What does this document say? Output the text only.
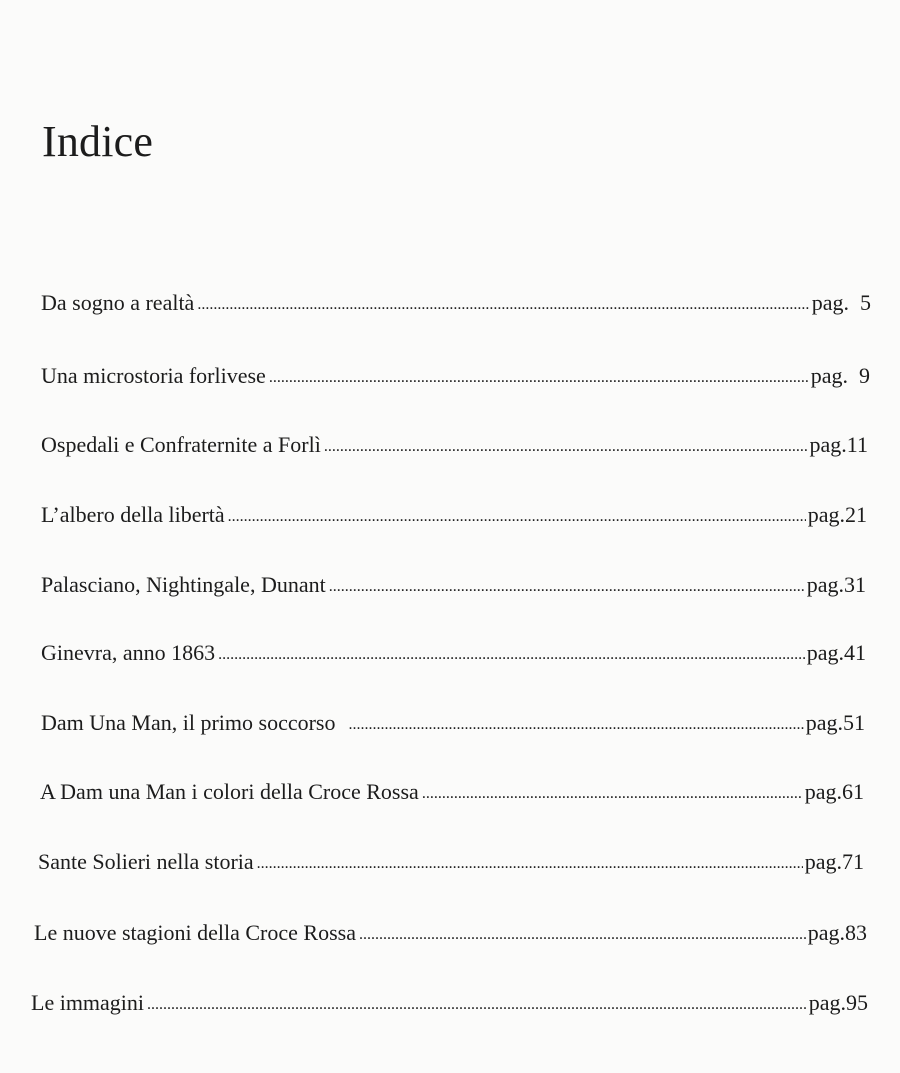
Indice
Da sogno a realtà .....	pag.  5
Una microstoria forlivese .....	pag.  9
Ospedali e Confraternite a Forlì .....	pag.11
L’albero della libertà .....	pag.21
Palasciano, Nightingale, Dunant .....	pag.31
Ginevra, anno 1863 .....	pag.41
Dam Una Man, il primo soccorso .....	pag.51
A Dam una Man i colori della Croce Rossa .....	pag.61
Sante Solieri nella storia .....	pag.71
Le nuove stagioni della Croce Rossa .....	pag.83
Le immagini .....	pag.95
